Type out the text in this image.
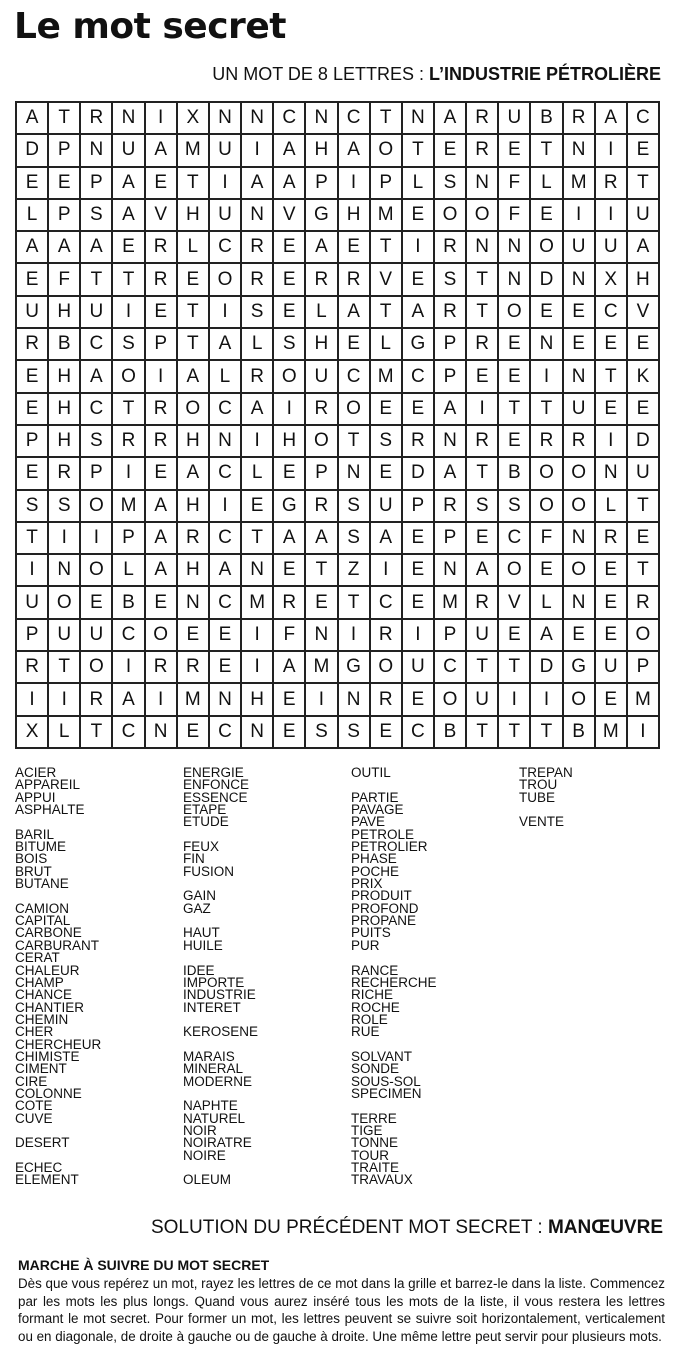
Le mot secret
UN MOT DE 8 LETTRES : L’INDUSTRIE PÉTROLIÈRE
A	T	R N	I	X N N C N C	T	N A R U B R A C
D P N U A M U	I	A H A O T	E R E	T	N	I	E
E	E	P	A	E	T	I	A	A	P	I	P	L	S N	F	L M R	T
L	P	S	A	V H U N V G H M E O O F	E	I	I	U
A	A	A	E R	L	C R E	A	E	T	I	R N N O U U A
E	F	T	T	R E O R E R R V	E	S	T	N D N X H
U H U	I	E	T	I	S	E	L	A	T	A R	T O E	E C V
R B C S	P	T	A	L	S H E	L	G P R E N E	E	E
E H A O	I	A	L	R O U C M C P	E	E	I	N	T	K
E H C	T	R O C A	I	R O E	E	A	I	T	T	U E	E
P H S R R H N	I	H O T	S R N R E R R	I	D
E R P	I	E	A C	L	E	P N E D A	T	B O O N U
S	S O M A H	I	E G R S U P R S	S O O	L	T
T	I	I	P	A R C	T	A	A	S	A	E	P	E C	F	N R E
I	N O	L	A H A N E	T	Z	I	E N A O E O E	T
U O E	B	E N C M R E	T	C E M R V	L	N E R
P U U C O E	E	I	F	N	I	R	I	P U E	A	E	E O
R	T O	I	R R E	I	A M G O U C	T	T	D G U P
I	I	R A	I	M N H E	I	N R E O U	I	I	O E M
X	L	T	C N E C N E	S	S	E C B	T	T	T	B M	I
ACIER
APPAREIL
APPUI
ASPHALTE
BARIL
BITUME
BOIS
BRUT
BUTANE
CAMION
CAPITAL
CARBONE
CARBURANT
CERAT
CHALEUR
CHAMP
CHANCE
CHANTIER
CHEMIN
CHER
CHERCHEUR
CHIMISTE
CIMENT
CIRE
COLONNE
COTE
CUVE
DESERT
ECHEC
ELEMENT
ENERGIE
ENFONCE
ESSENCE
ETAPE
ETUDE
FEUX
FIN
FUSION
GAIN
GAZ
HAUT
HUILE
IDEE
IMPORTE
INDUSTRIE
INTERET
KEROSENE
MARAIS
MINERAL
MODERNE
NAPHTE
NATUREL
NOIR
NOIRATRE
NOIRE
OLEUM
OUTIL
PARTIE
PAVAGE
PAVE
PETROLE
PETROLIER
PHASE
POCHE
PRIX
PRODUIT
PROFOND
PROPANE
PUITS
PUR
RANCE
RECHERCHE
RICHE
ROCHE
ROLE
RUE
SOLVANT
SONDE
SOUS-SOL
SPECIMEN
TERRE
TIGE
TONNE
TOUR
TRAITE
TRAVAUX
TREPAN
TROU
TUBE
VENTE
SOLUTION DU PRÉCÉDENT MOT SECRET : MANŒUVRE
MARCHE À SUIVRE DU MOT SECRET
Dès que vous repérez un mot, rayez les lettres de ce mot dans la grille et barrez-le dans la liste. Commencez par les mots les plus longs. Quand vous aurez inséré tous les mots de la liste, il vous restera les lettres formant le mot secret. Pour former un mot, les lettres peuvent se suivre soit horizontalement, verticalement ou en diagonale, de droite à gauche ou de gauche à droite. Une même lettre peut servir pour plusieurs mots.
